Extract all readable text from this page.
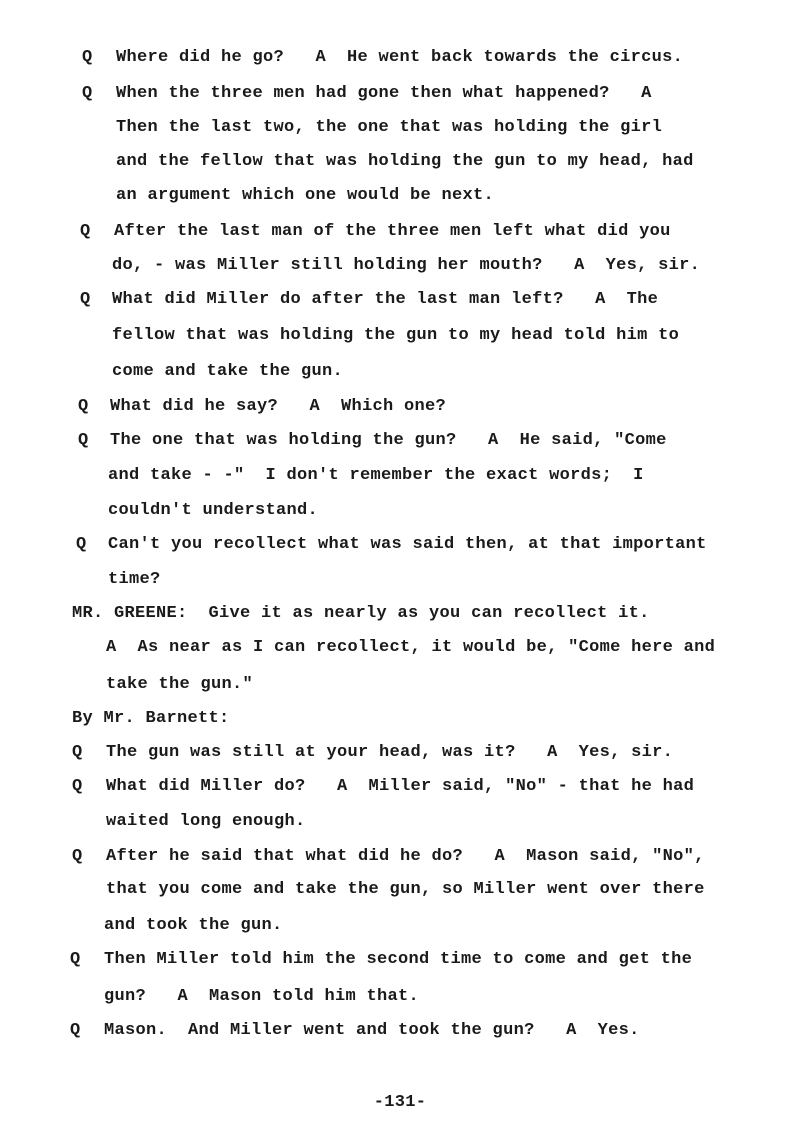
Q Where did he go?   A  He went back towards the circus.
Q When the three men had gone then what happened?   A
Then the last two, the one that was holding the girl
and the fellow that was holding the gun to my head, had
an argument which one would be next.
Q After the last man of the three men left what did you
do, - was Miller still holding her mouth?   A  Yes, sir.
Q What did Miller do after the last man left?   A  The
fellow that was holding the gun to my head told him to
come and take the gun.
Q What did he say?   A  Which one?
Q The one that was holding the gun?   A  He said, "Come
and take - -"  I don't remember the exact words;  I
couldn't understand.
Q Can't you recollect what was said then, at that important
time?
MR. GREENE:  Give it as nearly as you can recollect it.
A  As near as I can recollect, it would be, "Come here and
take the gun."
By Mr. Barnett:
Q The gun was still at your head, was it?   A  Yes, sir.
Q What did Miller do?   A  Miller said, "No" - that he had
waited long enough.
Q After he said that what did he do?   A  Mason said, "No",
that you come and take the gun, so Miller went over there
and took the gun.
Q Then Miller told him the second time to come and get the
gun?   A  Mason told him that.
Q Mason.  And Miller went and took the gun?   A  Yes.
-131-
